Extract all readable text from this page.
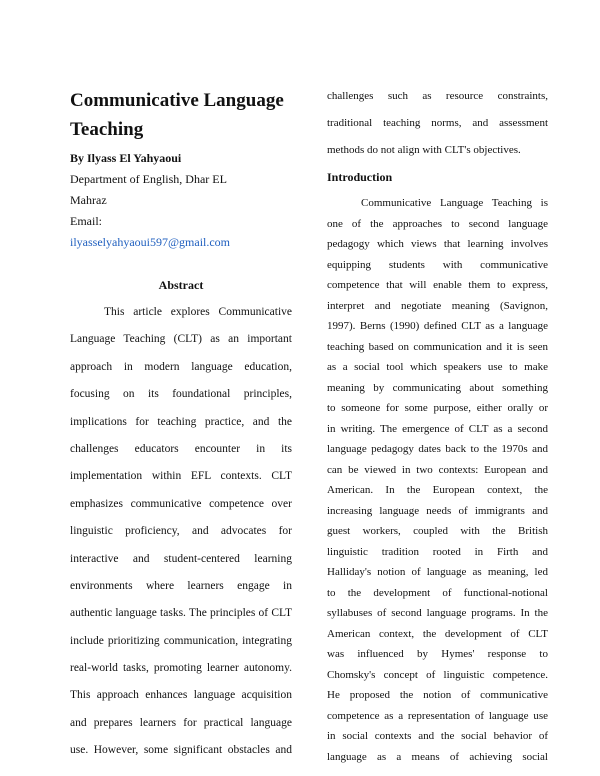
Communicative Language
Teaching
By Ilyass El Yahyaoui
Department of English, Dhar EL
Mahraz
Email:
ilyasselyahyaoui597@gmail.com
Abstract
This article explores Communicative
Language Teaching (CLT) as an important
approach in modern language education,
focusing on its foundational principles,
implications for teaching practice, and the
challenges educators encounter in its
implementation within EFL contexts. CLT
emphasizes communicative competence over
linguistic proficiency, and advocates for
interactive and student-centered learning
environments where learners engage in
authentic language tasks. The principles of CLT
include prioritizing communication, integrating
real-world tasks, promoting learner autonomy.
This approach enhances language acquisition
and prepares learners for practical language
use. However, some significant obstacles and
challenges such as resource constraints,
traditional teaching norms, and assessment
methods do not align with CLT's objectives.
Introduction
Communicative Language Teaching is
one of the approaches to second language
pedagogy which views that learning involves
equipping students with communicative
competence that will enable them to express,
interpret and negotiate meaning (Savignon,
1997). Berns (1990) defined CLT as a language
teaching based on communication and it is seen
as a social tool which speakers use to make
meaning by communicating about something
to someone for some purpose, either orally or
in writing. The emergence of CLT as a second
language pedagogy dates back to the 1970s and
can be viewed in two contexts: European and
American. In the European context, the
increasing language needs of immigrants and
guest workers, coupled with the British
linguistic tradition rooted in Firth and
Halliday's notion of language as meaning, led
to the development of functional-notional
syllabuses of second language programs. In the
American context, the development of CLT
was influenced by Hymes' response to
Chomsky's concept of linguistic competence.
He proposed the notion of communicative
competence as a representation of language use
in social contexts and the social behavior of
language as a means of achieving social
